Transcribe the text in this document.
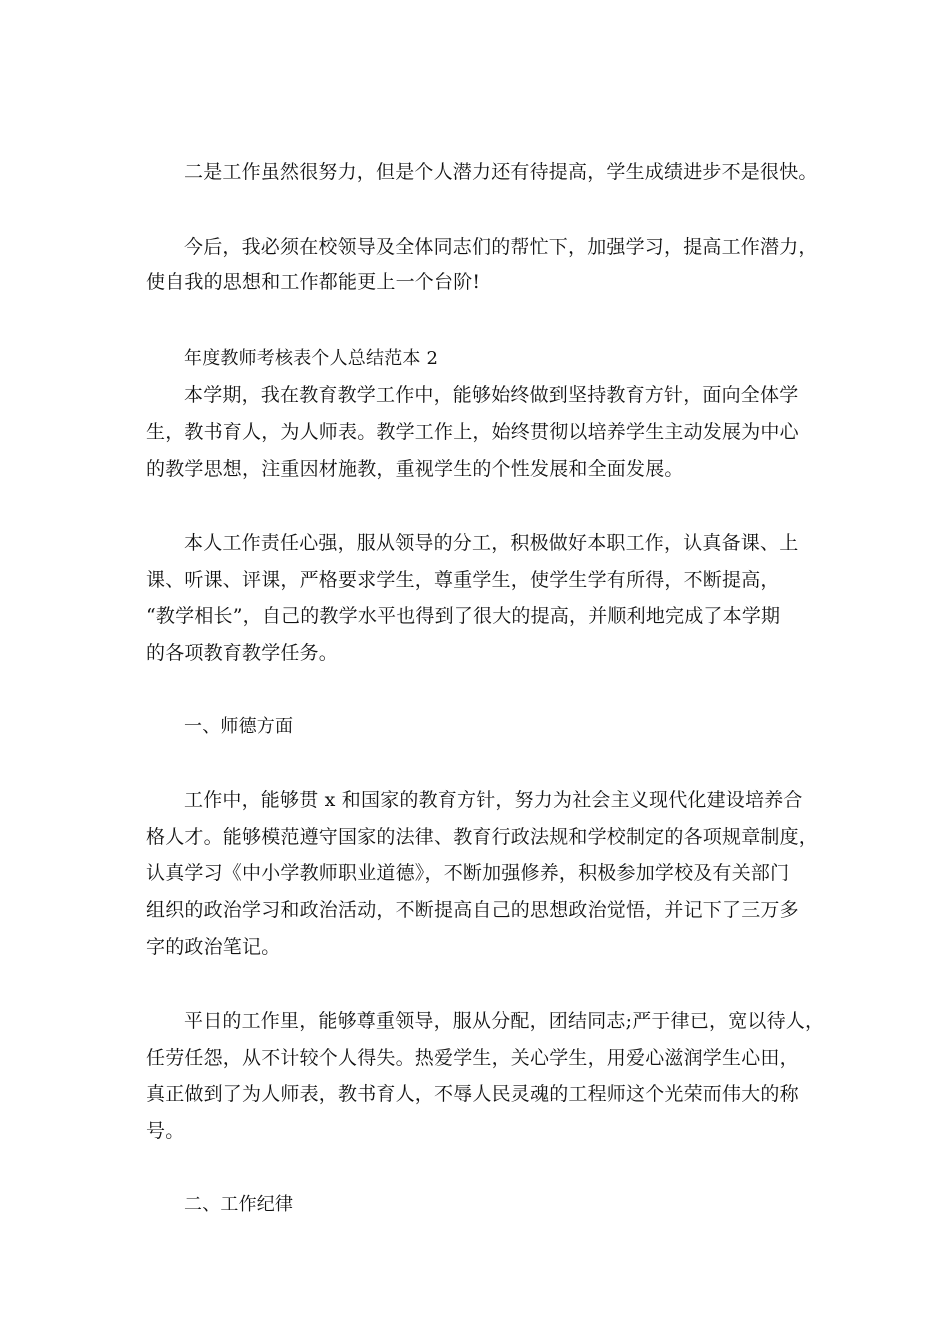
二是工作虽然很努力，但是个人潜力还有待提高，学生成绩进步不是很快。
今后，我必须在校领导及全体同志们的帮忙下，加强学习，提高工作潜力，
使自我的思想和工作都能更上一个台阶!
年度教师考核表个人总结范本 2
本学期，我在教育教学工作中，能够始终做到坚持教育方针，面向全体学
生，教书育人，为人师表。教学工作上，始终贯彻以培养学生主动发展为中心
的教学思想，注重因材施教，重视学生的个性发展和全面发展。
本人工作责任心强，服从领导的分工，积极做好本职工作，认真备课、上
课、听课、评课，严格要求学生，尊重学生，使学生学有所得，不断提高，
“教学相长”，自己的教学水平也得到了很大的提高，并顺利地完成了本学期
的各项教育教学任务。
一、师德方面
工作中，能够贯 x 和国家的教育方针，努力为社会主义现代化建设培养合
格人才。能够模范遵守国家的法律、教育行政法规和学校制定的各项规章制度，
认真学习《中小学教师职业道德》，不断加强修养，积极参加学校及有关部门
组织的政治学习和政治活动，不断提高自己的思想政治觉悟，并记下了三万多
字的政治笔记。
平日的工作里，能够尊重领导，服从分配，团结同志;严于律已，宽以待人，
任劳任怨，从不计较个人得失。热爱学生，关心学生，用爱心滋润学生心田，
真正做到了为人师表，教书育人，不辱人民灵魂的工程师这个光荣而伟大的称
号。
二、工作纪律
